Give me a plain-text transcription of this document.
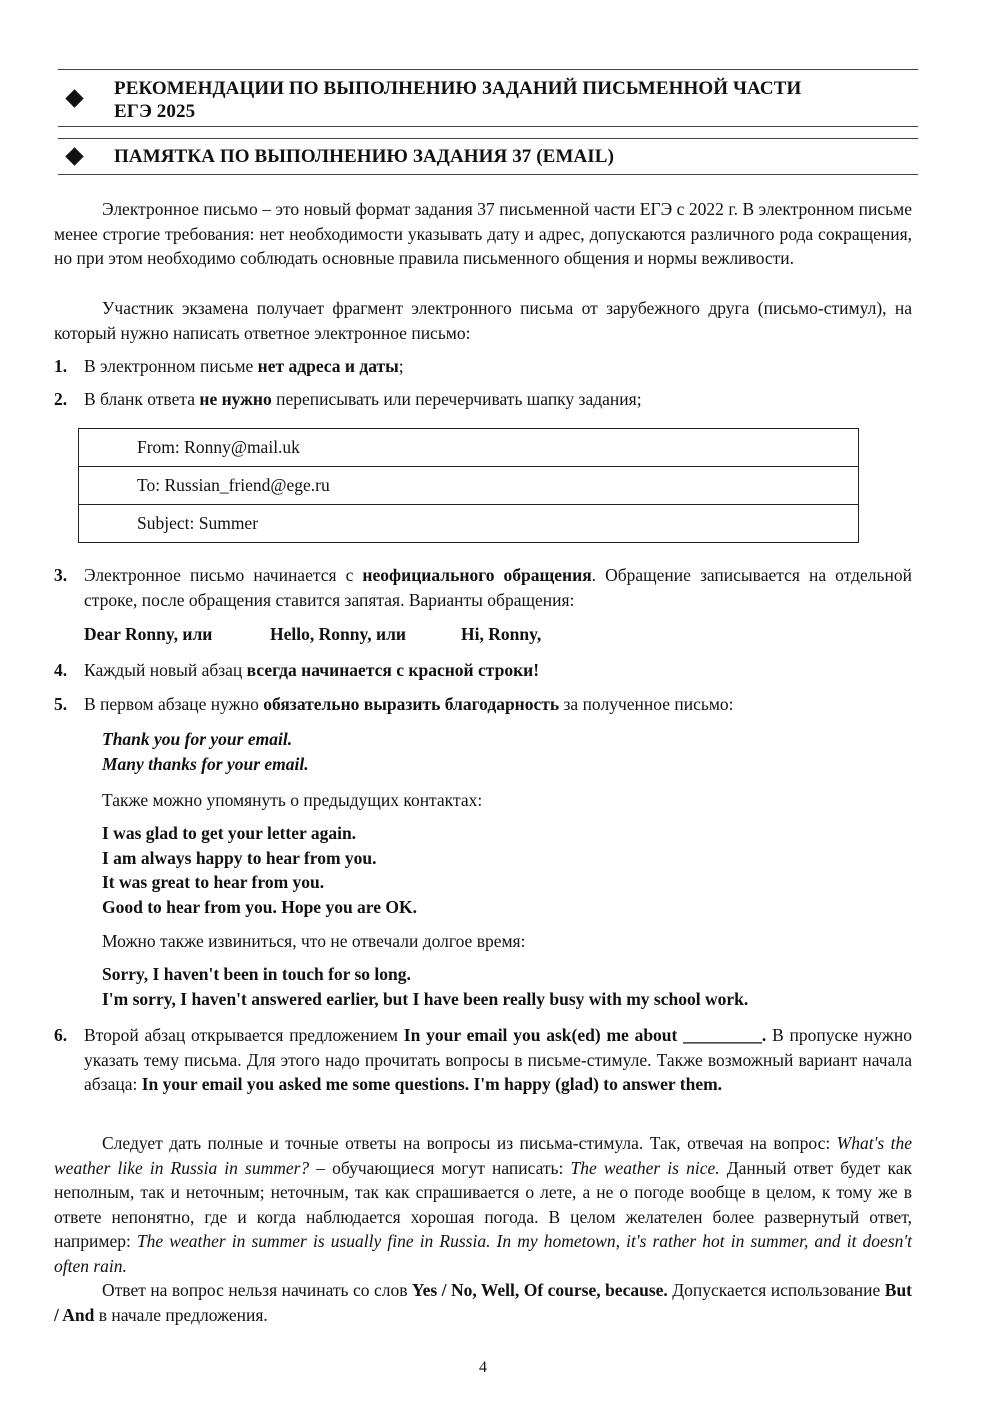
РЕКОМЕНДАЦИИ ПО ВЫПОЛНЕНИЮ ЗАДАНИЙ ПИСЬМЕННОЙ ЧАСТИ
ЕГЭ 2025
ПАМЯТКА ПО ВЫПОЛНЕНИЮ ЗАДАНИЯ 37 (EMAIL)
Электронное письмо – это новый формат задания 37 письменной части ЕГЭ с 2022 г. В электронном письме менее строгие требования: нет необходимости указывать дату и адрес, допускаются различного рода сокращения, но при этом необходимо соблюдать основные правила письменного общения и нормы вежливости.
Участник экзамена получает фрагмент электронного письма от зарубежного друга (письмо-стимул), на который нужно написать ответное электронное письмо:
1. В электронном письме нет адреса и даты;
2. В бланк ответа не нужно переписывать или перечерчивать шапку задания;
From: Ronny@mail.uk
To: Russian_friend@ege.ru
Subject: Summer
3. Электронное письмо начинается с неофициального обращения. Обращение записывается на отдельной строке, после обращения ставится запятая. Варианты обращения:
Dear Ronny, или	Hello, Ronny, или	Hi, Ronny,
4. Каждый новый абзац всегда начинается с красной строки!
5. В первом абзаце нужно обязательно выразить благодарность за полученное письмо:
Thank you for your email.
Many thanks for your email.
Также можно упомянуть о предыдущих контактах:
I was glad to get your letter again.
I am always happy to hear from you.
It was great to hear from you.
Good to hear from you. Hope you are OK.
Можно также извиниться, что не отвечали долгое время:
Sorry, I haven't been in touch for so long.
I'm sorry, I haven't answered earlier, but I have been really busy with my school work.
6. Второй абзац открывается предложением In your email you ask(ed) me about _________. В пропуске нужно указать тему письма. Для этого надо прочитать вопросы в письме-стимуле. Также возможный вариант начала абзаца: In your email you asked me some questions. I'm happy (glad) to answer them.
Следует дать полные и точные ответы на вопросы из письма-стимула. Так, отвечая на вопрос: What's the weather like in Russia in summer? – обучающиеся могут написать: The weather is nice. Данный ответ будет как неполным, так и неточным; неточным, так как спрашивается о лете, а не о погоде вообще в целом, к тому же в ответе непонятно, где и когда наблюдается хорошая погода. В целом желателен более развернутый ответ, например: The weather in summer is usually fine in Russia. In my hometown, it's rather hot in summer, and it doesn't often rain.
Ответ на вопрос нельзя начинать со слов Yes / No, Well, Of course, because. Допускается использование But / And в начале предложения.
4
